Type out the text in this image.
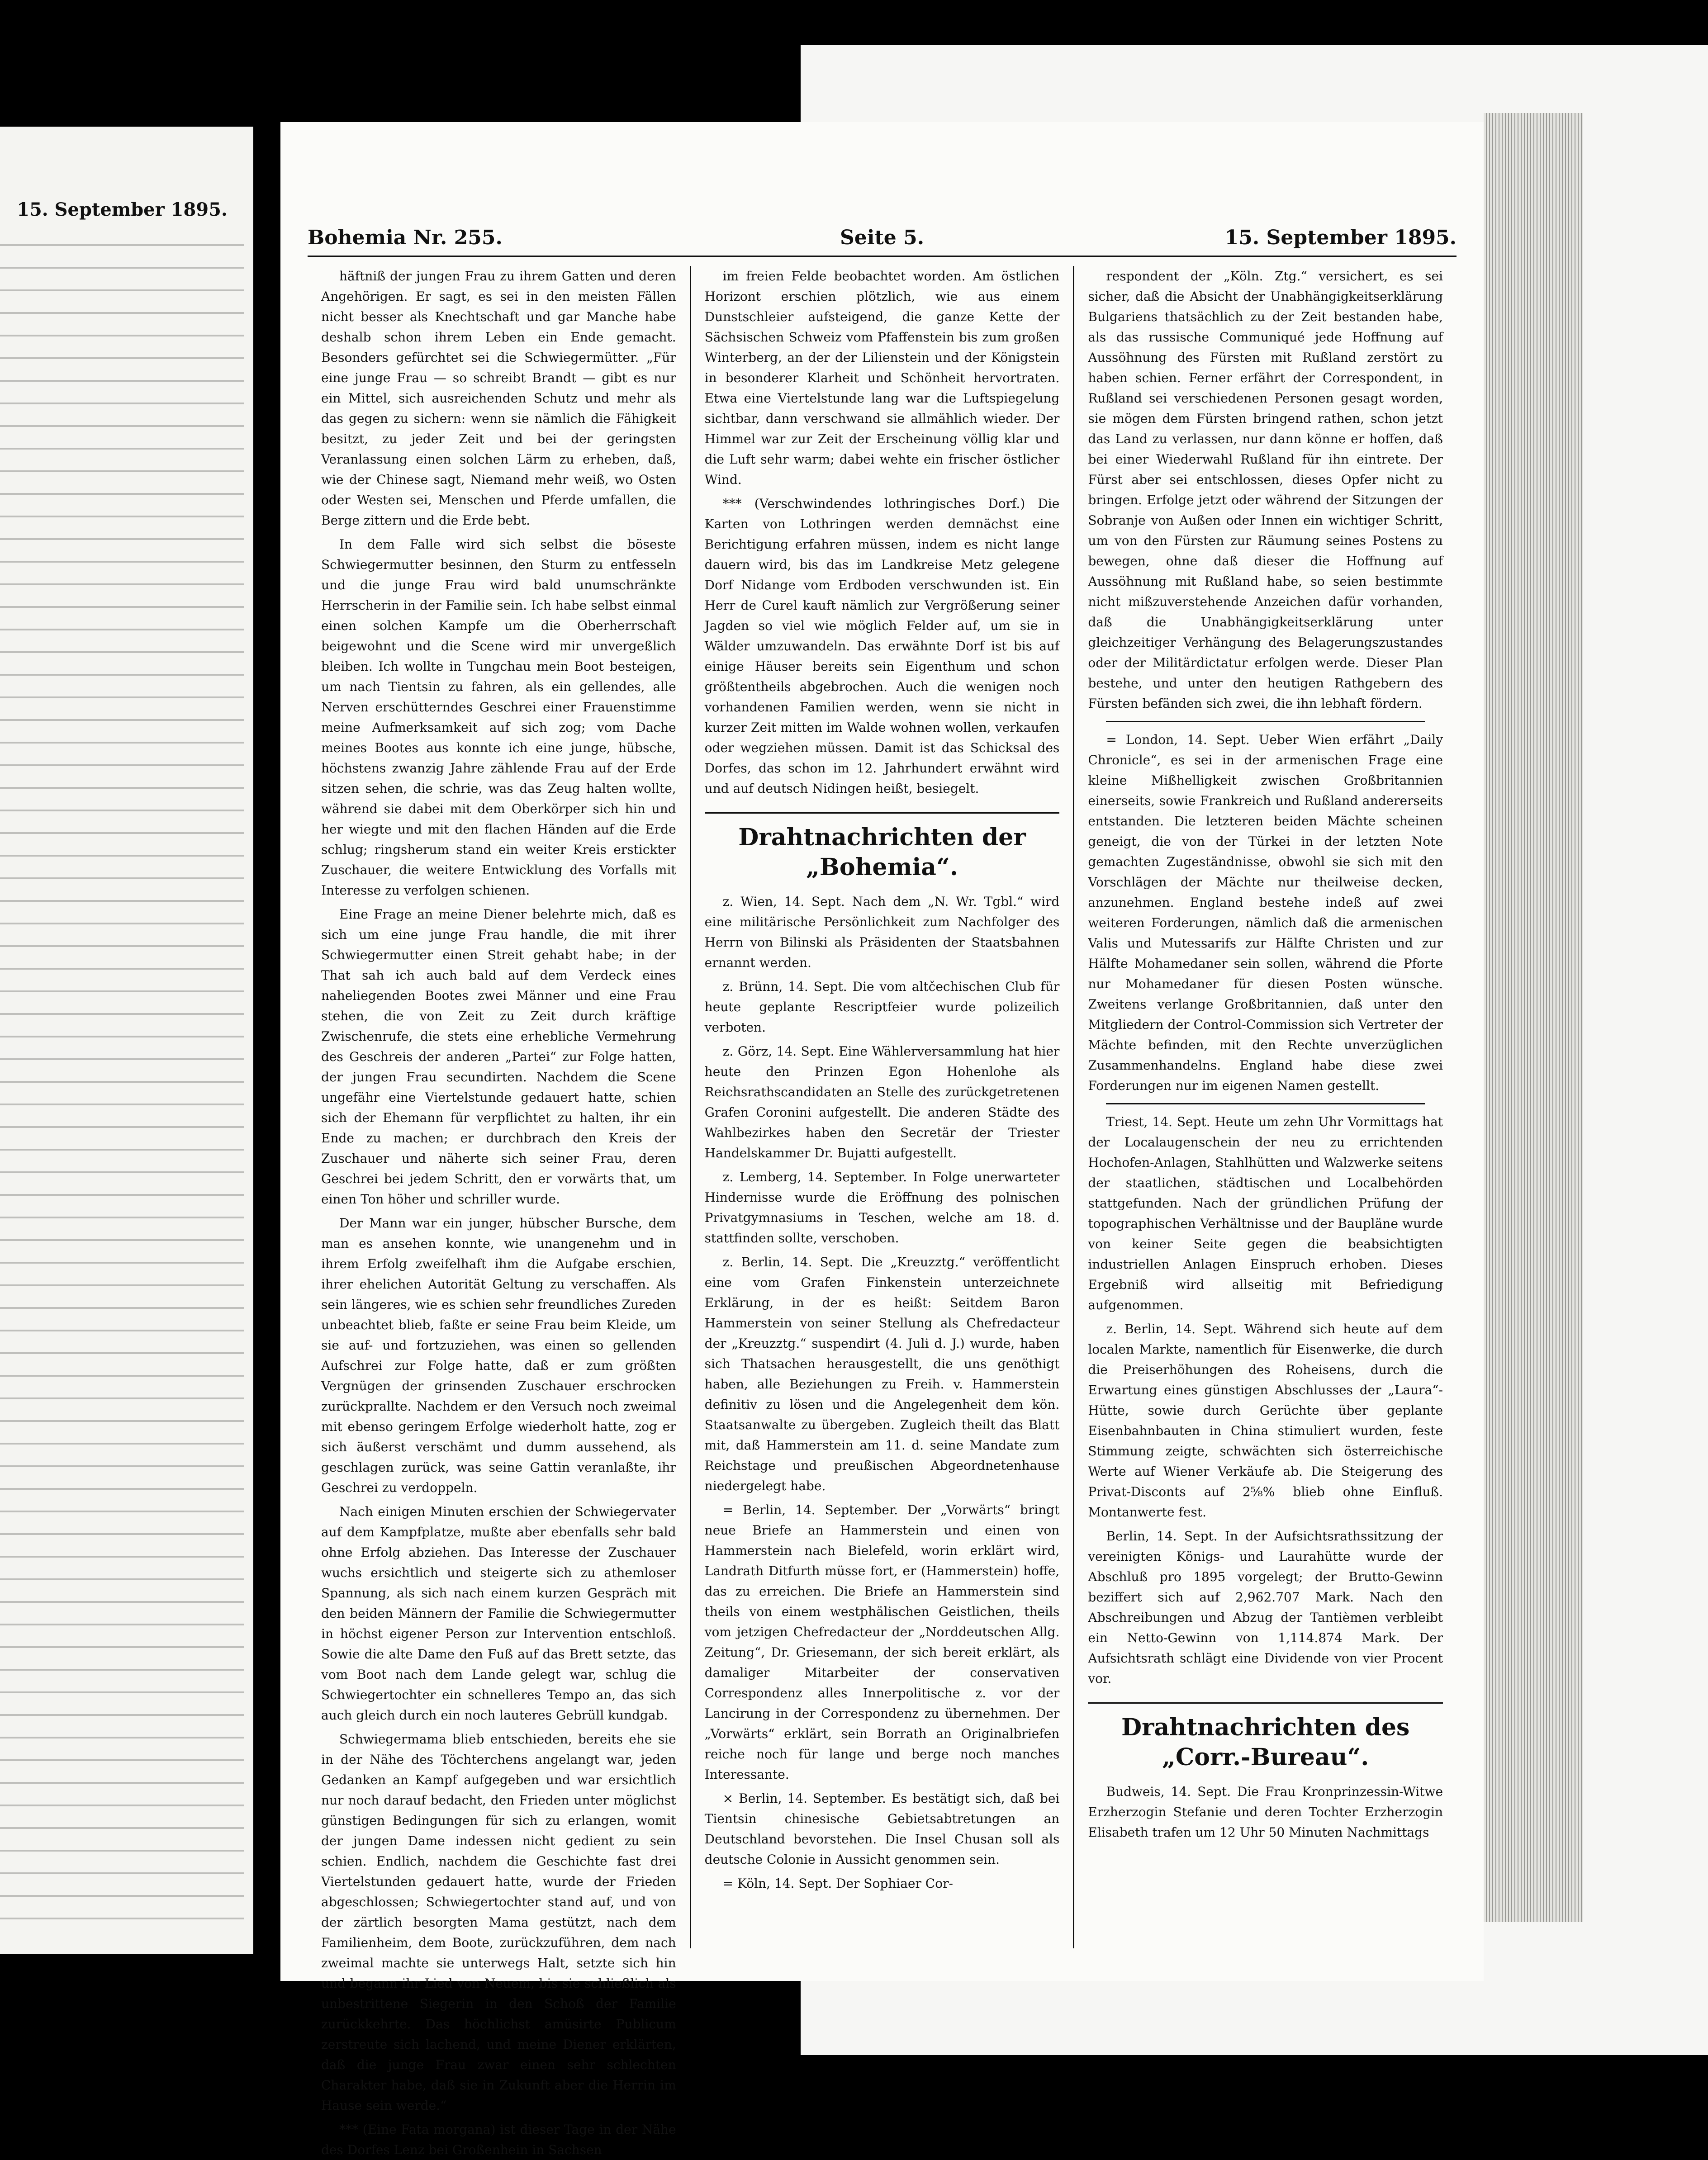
15. September 1895.
Bohemia Nr. 255.	Seite 5.	15. September 1895.

häftniß der jungen Frau zu ihrem Gatten und deren Angehörigen. Er sagt, es sei in den meisten Fällen nicht besser als Knechtschaft und gar Manche habe deshalb schon ihrem Leben ein Ende gemacht. Besonders gefürchtet sei die Schwiegermütter. „Für eine junge Frau — so schreibt Brandt — gibt es nur ein Mittel, sich ausreichenden Schutz und mehr als das gegen zu sichern: wenn sie nämlich die Fähigkeit besitzt, zu jeder Zeit und bei der geringsten Veranlassung einen solchen Lärm zu erheben, daß, wie der Chinese sagt, Niemand mehr weiß, wo Osten oder Westen sei, Menschen und Pferde umfallen, die Berge zittern und die Erde bebt.

In dem Falle wird sich selbst die böseste Schwiegermutter besinnen, den Sturm zu entfesseln und die junge Frau wird bald unumschränkte Herrscherin in der Familie sein. Ich habe selbst einmal einen solchen Kampfe um die Oberherrschaft beigewohnt und die Scene wird mir unvergeßlich bleiben. Ich wollte in Tungchau mein Boot besteigen, um nach Tientsin zu fahren, als ein gellendes, alle Nerven erschütterndes Geschrei einer Frauenstimme meine Aufmerksamkeit auf sich zog; vom Dache meines Bootes aus konnte ich eine junge, hübsche, höchstens zwanzig Jahre zählende Frau auf der Erde sitzen sehen, die schrie, was das Zeug halten wollte, während sie dabei mit dem Oberkörper sich hin und her wiegte und mit den flachen Händen auf die Erde schlug; ringsherum stand ein weiter Kreis erstickter Zuschauer, die weitere Entwicklung des Vorfalls mit Interesse zu verfolgen schienen.

Eine Frage an meine Diener belehrte mich, daß es sich um eine junge Frau handle, die mit ihrer Schwiegermutter einen Streit gehabt habe; in der That sah ich auch bald auf dem Verdeck eines naheliegenden Bootes zwei Männer und eine Frau stehen, die von Zeit zu Zeit durch kräftige Zwischenrufe, die stets eine erhebliche Vermehrung des Geschreis der anderen „Partei“ zur Folge hatten, der jungen Frau secundirten. Nachdem die Scene ungefähr eine Viertelstunde gedauert hatte, schien sich der Ehemann für verpflichtet zu halten, ihr ein Ende zu machen; er durchbrach den Kreis der Zuschauer und näherte sich seiner Frau, deren Geschrei bei jedem Schritt, den er vorwärts that, um einen Ton höher und schriller wurde.

Der Mann war ein junger, hübscher Bursche, dem man es ansehen konnte, wie unangenehm und in ihrem Erfolg zweifelhaft ihm die Aufgabe erschien, ihrer ehelichen Autorität Geltung zu verschaffen. Als sein längeres, wie es schien sehr freundliches Zureden unbeachtet blieb, faßte er seine Frau beim Kleide, um sie auf- und fortzuziehen, was einen so gellenden Aufschrei zur Folge hatte, daß er zum größten Vergnügen der grinsenden Zuschauer erschrocken zurückprallte. Nachdem er den Versuch noch zweimal mit ebenso geringem Erfolge wiederholt hatte, zog er sich äußerst verschämt und dumm aussehend, als geschlagen zurück, was seine Gattin veranlaßte, ihr Geschrei zu verdoppeln.

Nach einigen Minuten erschien der Schwiegervater auf dem Kampfplatze, mußte aber ebenfalls sehr bald ohne Erfolg abziehen. Das Interesse der Zuschauer wuchs ersichtlich und steigerte sich zu athemloser Spannung, als sich nach einem kurzen Gespräch mit den beiden Männern der Familie die Schwiegermutter in höchst eigener Person zur Intervention entschloß. Sowie die alte Dame den Fuß auf das Brett setzte, das vom Boot nach dem Lande gelegt war, schlug die Schwiegertochter ein schnelleres Tempo an, das sich auch gleich durch ein noch lauteres Gebrüll kundgab.

Schwiegermama blieb entschieden, bereits ehe sie in der Nähe des Töchterchens angelangt war, jeden Gedanken an Kampf aufgegeben und war ersichtlich nur noch darauf bedacht, den Frieden unter möglichst günstigen Bedingungen für sich zu erlangen, womit der jungen Dame indessen nicht gedient zu sein schien. Endlich, nachdem die Geschichte fast drei Viertelstunden gedauert hatte, wurde der Frieden abgeschlossen; Schwiegertochter stand auf, und von der zärtlich besorgten Mama gestützt, nach dem Familienheim, dem Boote, zurückzuführen, dem nach zweimal machte sie unterwegs Halt, setzte sich hin und begann ihr Lied von Neuem, bis sie schließlich als unbestrittene Siegerin in den Schoß der Familie zurückkehrte. Das höchlichst amüsirte Publicum zerstreute sich lachend, und meine Diener erklärten, daß die junge Frau zwar einen sehr schlechten Charakter habe, daß sie in Zukunft aber die Herrin im Hause sein werde.“

*** (Eine Fata morgana) ist dieser Tage in der Nähe des Dorfes Lenz bei Großenhein in Sachsen

im freien Felde beobachtet worden. Am östlichen Horizont erschien plötzlich, wie aus einem Dunstschleier aufsteigend, die ganze Kette der Sächsischen Schweiz vom Pfaffenstein bis zum großen Winterberg, an der der Lilienstein und der Königstein in besonderer Klarheit und Schönheit hervortraten. Etwa eine Viertelstunde lang war die Luftspiegelung sichtbar, dann verschwand sie allmählich wieder. Der Himmel war zur Zeit der Erscheinung völlig klar und die Luft sehr warm; dabei wehte ein frischer östlicher Wind.

*** (Verschwindendes lothringisches Dorf.) Die Karten von Lothringen werden demnächst eine Berichtigung erfahren müssen, indem es nicht lange dauern wird, bis das im Landkreise Metz gelegene Dorf Nidange vom Erdboden verschwunden ist. Ein Herr de Curel kauft nämlich zur Vergrößerung seiner Jagden so viel wie möglich Felder auf, um sie in Wälder umzuwandeln. Das erwähnte Dorf ist bis auf einige Häuser bereits sein Eigenthum und schon größtentheils abgebrochen. Auch die wenigen noch vorhandenen Familien werden, wenn sie nicht in kurzer Zeit mitten im Walde wohnen wollen, verkaufen oder wegziehen müssen. Damit ist das Schicksal des Dorfes, das schon im 12. Jahrhundert erwähnt wird und auf deutsch Nidingen heißt, besiegelt.

Drahtnachrichten der „Bohemia“.

z. Wien, 14. Sept. Nach dem „N. Wr. Tgbl.“ wird eine militärische Persönlichkeit zum Nachfolger des Herrn von Bilinski als Präsidenten der Staatsbahnen ernannt werden.

z. Brünn, 14. Sept. Die vom altčechischen Club für heute geplante Rescriptfeier wurde polizeilich verboten.

z. Görz, 14. Sept. Eine Wählerversammlung hat hier heute den Prinzen Egon Hohenlohe als Reichsrathscandidaten an Stelle des zurückgetretenen Grafen Coronini aufgestellt. Die anderen Städte des Wahlbezirkes haben den Secretär der Triester Handelskammer Dr. Bujatti aufgestellt.

z. Lemberg, 14. September. In Folge unerwarteter Hindernisse wurde die Eröffnung des polnischen Privatgymnasiums in Teschen, welche am 18. d. stattfinden sollte, verschoben.

z. Berlin, 14. Sept. Die „Kreuzztg.“ veröffentlicht eine vom Grafen Finkenstein unterzeichnete Erklärung, in der es heißt: Seitdem Baron Hammerstein von seiner Stellung als Chefredacteur der „Kreuzztg.“ suspendirt (4. Juli d. J.) wurde, haben sich Thatsachen herausgestellt, die uns genöthigt haben, alle Beziehungen zu Freih. v. Hammerstein definitiv zu lösen und die Angelegenheit dem kön. Staatsanwalte zu übergeben. Zugleich theilt das Blatt mit, daß Hammerstein am 11. d. seine Mandate zum Reichstage und preußischen Abgeordnetenhause niedergelegt habe.

= Berlin, 14. September. Der „Vorwärts“ bringt neue Briefe an Hammerstein und einen von Hammerstein nach Bielefeld, worin erklärt wird, Landrath Ditfurth müsse fort, er (Hammerstein) hoffe, das zu erreichen. Die Briefe an Hammerstein sind theils von einem westphälischen Geistlichen, theils vom jetzigen Chefredacteur der „Norddeutschen Allg. Zeitung“, Dr. Griesemann, der sich bereit erklärt, als damaliger Mitarbeiter der conservativen Correspondenz alles Innerpolitische z. vor der Lancirung in der Correspondenz zu übernehmen. Der „Vorwärts“ erklärt, sein Borrath an Originalbriefen reiche noch für lange und berge noch manches Interessante.

× Berlin, 14. September. Es bestätigt sich, daß bei Tientsin chinesische Gebietsabtretungen an Deutschland bevorstehen. Die Insel Chusan soll als deutsche Colonie in Aussicht genommen sein.

= Köln, 14. Sept. Der Sophiaer Cor-

respondent der „Köln. Ztg.“ versichert, es sei sicher, daß die Absicht der Unabhängigkeitserklärung Bulgariens thatsächlich zu der Zeit bestanden habe, als das russische Communiqué jede Hoffnung auf Aussöhnung des Fürsten mit Rußland zerstört zu haben schien. Ferner erfährt der Correspondent, in Rußland sei verschiedenen Personen gesagt worden, sie mögen dem Fürsten bringend rathen, schon jetzt das Land zu verlassen, nur dann könne er hoffen, daß bei einer Wiederwahl Rußland für ihn eintrete. Der Fürst aber sei entschlossen, dieses Opfer nicht zu bringen. Erfolge jetzt oder während der Sitzungen der Sobranje von Außen oder Innen ein wichtiger Schritt, um von den Fürsten zur Räumung seines Postens zu bewegen, ohne daß dieser die Hoffnung auf Aussöhnung mit Rußland habe, so seien bestimmte nicht mißzuverstehende Anzeichen dafür vorhanden, daß die Unabhängigkeitserklärung unter gleichzeitiger Verhängung des Belagerungszustandes oder der Militärdictatur erfolgen werde. Dieser Plan bestehe, und unter den heutigen Rathgebern des Fürsten befänden sich zwei, die ihn lebhaft fördern.

= London, 14. Sept. Ueber Wien erfährt „Daily Chronicle“, es sei in der armenischen Frage eine kleine Mißhelligkeit zwischen Großbritannien einerseits, sowie Frankreich und Rußland andererseits entstanden. Die letzteren beiden Mächte scheinen geneigt, die von der Türkei in der letzten Note gemachten Zugeständnisse, obwohl sie sich mit den Vorschlägen der Mächte nur theilweise decken, anzunehmen. England bestehe indeß auf zwei weiteren Forderungen, nämlich daß die armenischen Valis und Mutessarifs zur Hälfte Christen und zur Hälfte Mohamedaner sein sollen, während die Pforte nur Mohamedaner für diesen Posten wünsche. Zweitens verlange Großbritannien, daß unter den Mitgliedern der Control-Commission sich Vertreter der Mächte befinden, mit den Rechte unverzüglichen Zusammenhandelns. England habe diese zwei Forderungen nur im eigenen Namen gestellt.

Triest, 14. Sept. Heute um zehn Uhr Vormittags hat der Localaugenschein der neu zu errichtenden Hochofen-Anlagen, Stahlhütten und Walzwerke seitens der staatlichen, städtischen und Localbehörden stattgefunden. Nach der gründlichen Prüfung der topographischen Verhältnisse und der Baupläne wurde von keiner Seite gegen die beabsichtigten industriellen Anlagen Einspruch erhoben. Dieses Ergebniß wird allseitig mit Befriedigung aufgenommen.

z. Berlin, 14. Sept. Während sich heute auf dem localen Markte, namentlich für Eisenwerke, die durch die Preiserhöhungen des Roheisens, durch die Erwartung eines günstigen Abschlusses der „Laura“-Hütte, sowie durch Gerüchte über geplante Eisenbahnbauten in China stimuliert wurden, feste Stimmung zeigte, schwächten sich österreichische Werte auf Wiener Verkäufe ab. Die Steigerung des Privat-Disconts auf 2⅝% blieb ohne Einfluß. Montanwerte fest.

Berlin, 14. Sept. In der Aufsichtsrathssitzung der vereinigten Königs- und Laurahütte wurde der Abschluß pro 1895 vorgelegt; der Brutto-Gewinn beziffert sich auf 2,962.707 Mark. Nach den Abschreibungen und Abzug der Tantièmen verbleibt ein Netto-Gewinn von 1,114.874 Mark. Der Aufsichtsrath schlägt eine Dividende von vier Procent vor.

Drahtnachrichten des „Corr.-Bureau“.

Budweis, 14. Sept. Die Frau Kronprinzessin-Witwe Erzherzogin Stefanie und deren Tochter Erzherzogin Elisabeth trafen um 12 Uhr 50 Minuten Nachmittags
